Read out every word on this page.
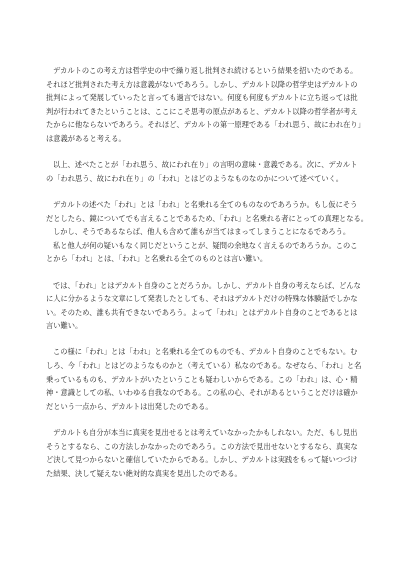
デカルトのこの考え方は哲学史の中で繰り返し批判され続けるという結果を招いたのである。
それほど批判された考え方は意義がないであろう。しかし、デカルト以降の哲学史はデカルトの
批判によって発展していったと言っても過言ではない。何度も何度もデカルトに立ち返っては批
判が行われてきたということは、ここにこそ思考の原点があると、デカルト以降の哲学者が考え
たからに他ならないであろう。それほど、デカルトの第一原理である「われ思う、故にわれ在り」
は意義があると考える。

以上、述べたことが「われ思う、故にわれ在り」の言明の意味・意義である。次に、デカルト
の「われ思う、故にわれ在り」の「われ」とはどのようなものなのかについて述べていく。

デカルトの述べた「われ」とは「われ」と名乗れる全てのものなのであろうか。もし仮にそう
だとしたら、鏡についてでも言えることであるため、「われ」と名乗れる者にとっての真理となる。
しかし、そうであるならば、他人も含めて誰もが当てはまってしまうことになるであろう。
私と他人が何の疑いもなく同じだということが、疑問の余地なく言えるのであろうか。このこ
とから「われ」とは、「われ」と名乗れる全てのものとは言い難い。

では、「われ」とはデカルト自身のことだろうか。しかし、デカルト自身の考えならば、どんな
に人に分かるような文章にして発表したとしても、それはデカルトだけの特殊な体験話でしかな
い。そのため、誰も共有できないであろう。よって「われ」とはデカルト自身のことであるとは
言い難い。

この様に「われ」とは「われ」と名乗れる全てのものでも、デカルト自身のことでもない。む
しろ、今「われ」とはどのようなものかと（考えている）私なのである。なぜなら、「われ」と名
乗っているものも、デカルトがいたということも疑わしいからである。この「われ」は、心・精
神・意識としての私、いわゆる自我なのである。この私の心、それがあるということだけは確か
だという一点から、デカルトは出発したのである。

デカルトも自分が本当に真実を見出せるとは考えていなかったかもしれない。ただ、もし見出
そうとするなら、この方法しかなかったのであろう。この方法で見出せないとするなら、真実な
ど決して見つからないと確信していたからである。しかし、デカルトは実践をもって疑いつづけ
た結果、決して疑えない絶対的な真実を見出したのである。
